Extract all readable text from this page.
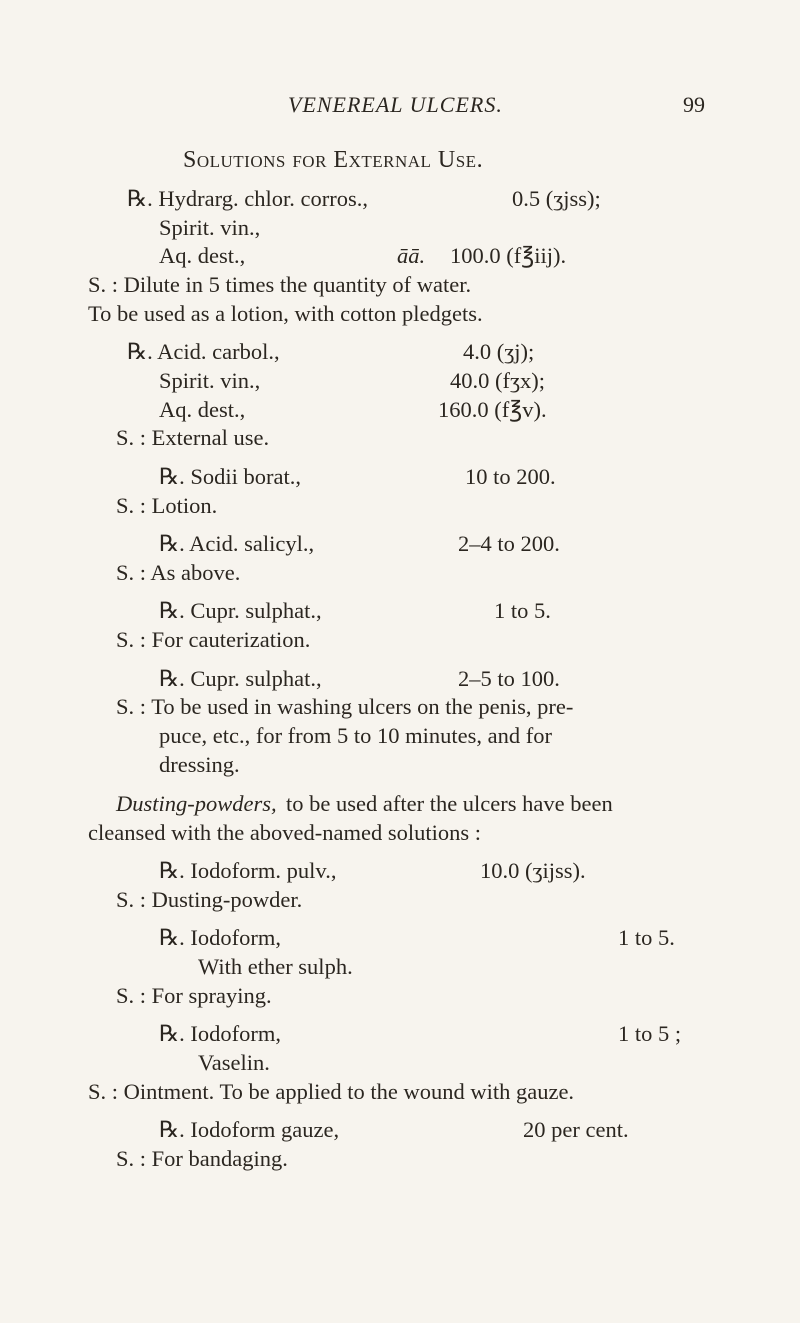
VENEREAL ULCERS.	99
Solutions for External Use.
℞. Hydrarg. chlor. corros.,	0.5 (ʒjss);
Spirit. vin.,
Aq. dest.,	āā. 100.0 (f℥iij).
S. : Dilute in 5 times the quantity of water.
To be used as a lotion, with cotton pledgets.
℞. Acid. carbol.,	4.0 (ʒj);
Spirit. vin.,	40.0 (fʒx);
Aq. dest.,	160.0 (f℥v).
S. : External use.
℞. Sodii borat.,	10 to 200.
S. : Lotion.
℞. Acid. salicyl.,	2–4 to 200.
S. : As above.
℞. Cupr. sulphat.,	1 to 5.
S. : For cauterization.
℞. Cupr. sulphat.,	2–5 to 100.
S. : To be used in washing ulcers on the penis, pre-
puce, etc., for from 5 to 10 minutes, and for
dressing.
Dusting-powders, to be used after the ulcers have been
cleansed with the aboved-named solutions :
℞. Iodoform. pulv.,	10.0 (ʒijss).
S. : Dusting-powder.
℞. Iodoform,	1 to 5.
With ether sulph.
S. : For spraying.
℞. Iodoform,	1 to 5 ;
Vaselin.
S. : Ointment. To be applied to the wound with gauze.
℞. Iodoform gauze,	20 per cent.
S. : For bandaging.
